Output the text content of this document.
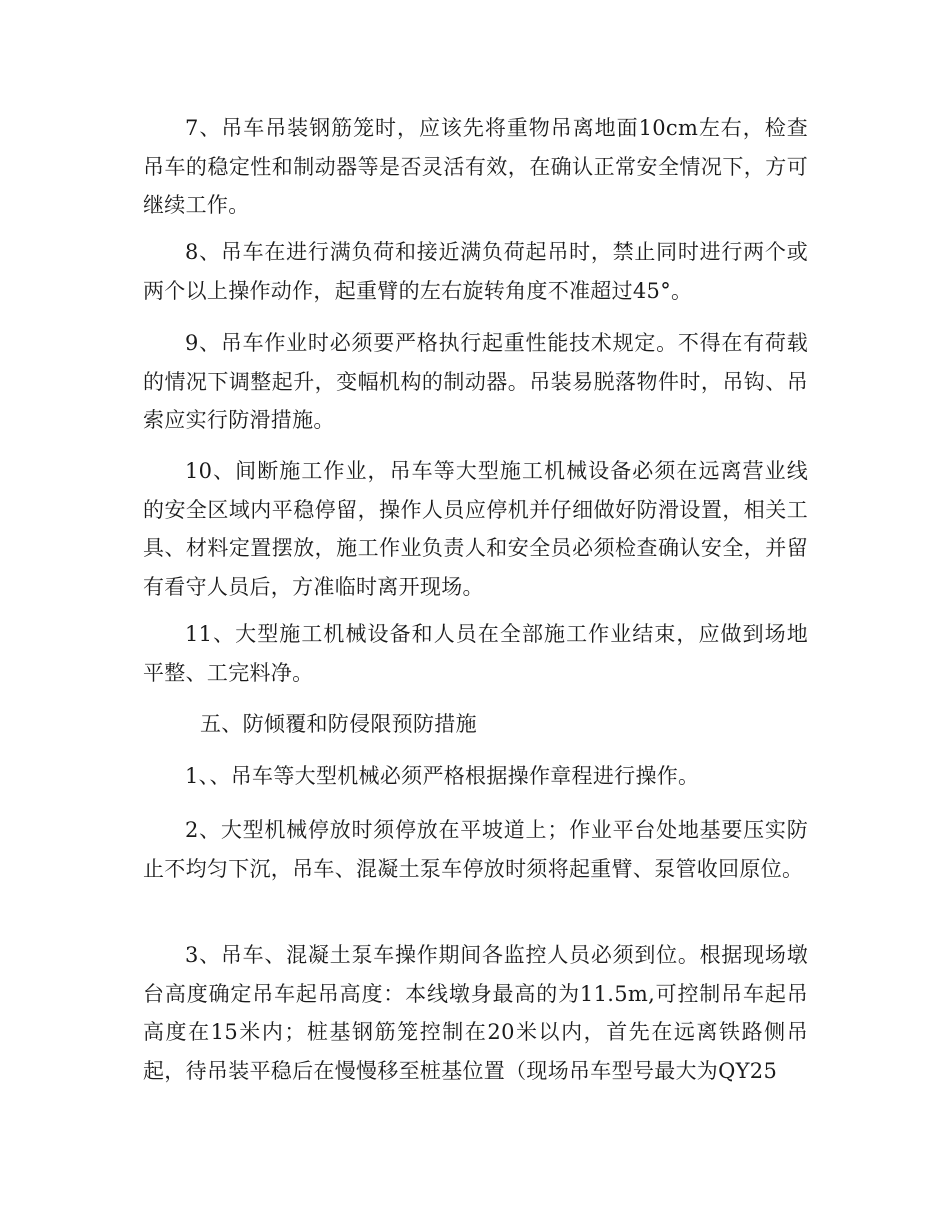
7、吊车吊装钢筋笼时，应该先将重物吊离地面10cm左右，检查吊车的稳定性和制动器等是否灵活有效，在确认正常安全情况下，方可继续工作。

8、吊车在进行满负荷和接近满负荷起吊时，禁止同时进行两个或两个以上操作动作，起重臂的左右旋转角度不准超过45°。

9、吊车作业时必须要严格执行起重性能技术规定。不得在有荷载的情况下调整起升，变幅机构的制动器。吊装易脱落物件时，吊钩、吊索应实行防滑措施。

10、间断施工作业，吊车等大型施工机械设备必须在远离营业线的安全区域内平稳停留，操作人员应停机并仔细做好防滑设置，相关工具、材料定置摆放，施工作业负责人和安全员必须检查确认安全，并留有看守人员后，方准临时离开现场。

11、大型施工机械设备和人员在全部施工作业结束，应做到场地平整、工完料净。

五、防倾覆和防侵限预防措施

1、、吊车等大型机械必须严格根据操作章程进行操作。

2、大型机械停放时须停放在平坡道上；作业平台处地基要压实防止不均匀下沉，吊车、混凝土泵车停放时须将起重臂、泵管收回原位。

3、吊车、混凝土泵车操作期间各监控人员必须到位。根据现场墩台高度确定吊车起吊高度：本线墩身最高的为11.5m,可控制吊车起吊高度在15米内；桩基钢筋笼控制在20米以内，首先在远离铁路侧吊起，待吊装平稳后在慢慢移至桩基位置（现场吊车型号最大为QY25
